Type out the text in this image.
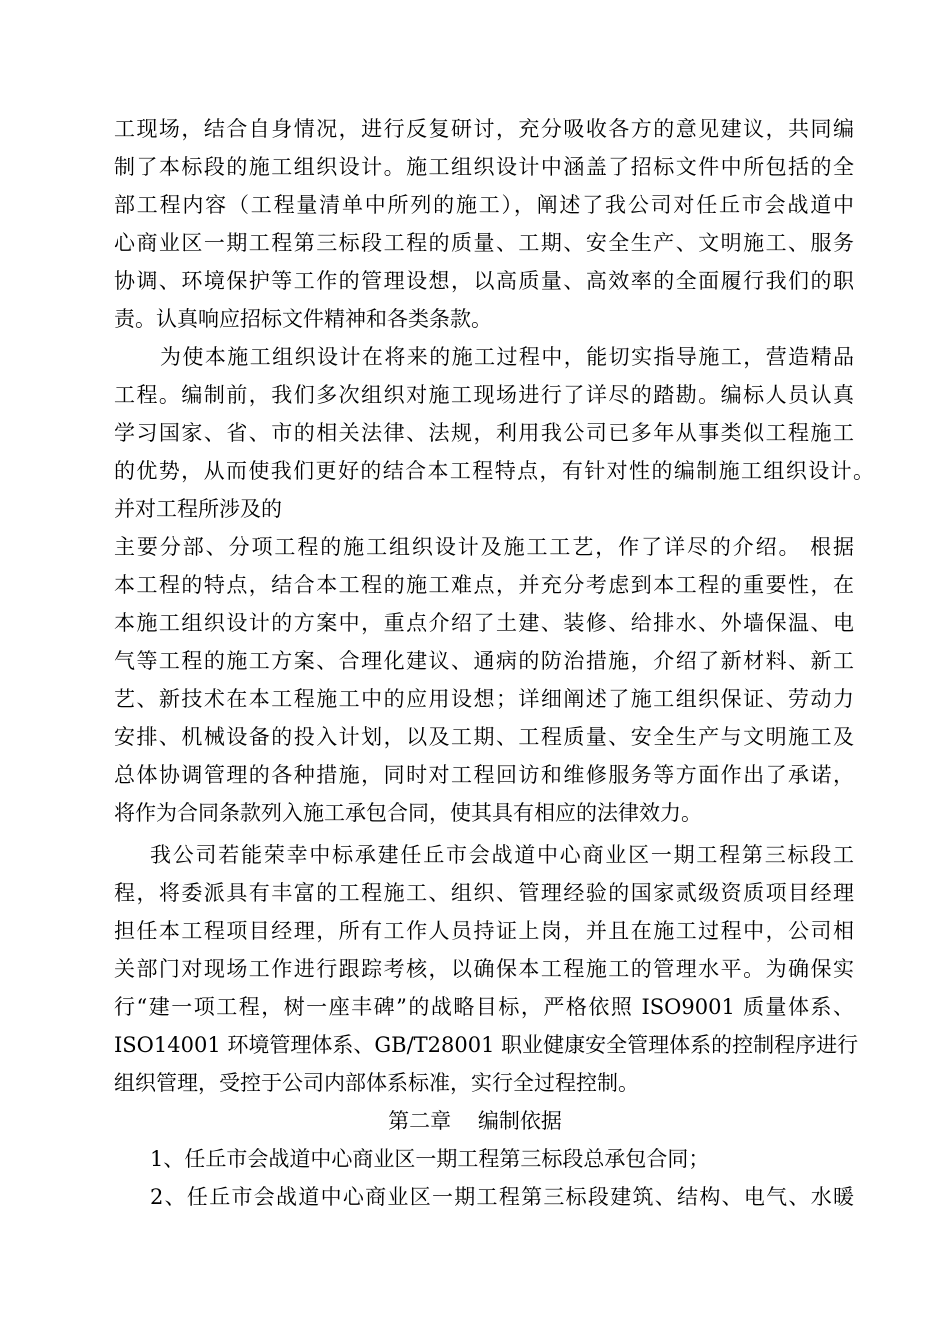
工现场，结合自身情况，进行反复研讨，充分吸收各方的意见建议，共同编
制了本标段的施工组织设计。施工组织设计中涵盖了招标文件中所包括的全
部工程内容（工程量清单中所列的施工），阐述了我公司对任丘市会战道中
心商业区一期工程第三标段工程的质量、工期、安全生产、文明施工、服务
协调、环境保护等工作的管理设想，以高质量、高效率的全面履行我们的职
责。认真响应招标文件精神和各类条款。
为使本施工组织设计在将来的施工过程中，能切实指导施工，营造精品
工程。编制前，我们多次组织对施工现场进行了详尽的踏勘。编标人员认真
学习国家、省、市的相关法律、法规，利用我公司已多年从事类似工程施工
的优势，从而使我们更好的结合本工程特点，有针对性的编制施工组织设计。
并对工程所涉及的
主要分部、分项工程的施工组织设计及施工工艺，作了详尽的介绍。 根据
本工程的特点，结合本工程的施工难点，并充分考虑到本工程的重要性，在
本施工组织设计的方案中，重点介绍了土建、装修、给排水、外墙保温、电
气等工程的施工方案、合理化建议、通病的防治措施，介绍了新材料、新工
艺、新技术在本工程施工中的应用设想；详细阐述了施工组织保证、劳动力
安排、机械设备的投入计划，以及工期、工程质量、安全生产与文明施工及
总体协调管理的各种措施，同时对工程回访和维修服务等方面作出了承诺，
将作为合同条款列入施工承包合同，使其具有相应的法律效力。
我公司若能荣幸中标承建任丘市会战道中心商业区一期工程第三标段工
程，将委派具有丰富的工程施工、组织、管理经验的国家贰级资质项目经理
担任本工程项目经理，所有工作人员持证上岗，并且在施工过程中，公司相
关部门对现场工作进行跟踪考核，以确保本工程施工的管理水平。为确保实
行“建一项工程，树一座丰碑”的战略目标，严格依照 ISO9001 质量体系、
ISO14001 环境管理体系、GB/T28001 职业健康安全管理体系的控制程序进行
组织管理，受控于公司内部体系标准，实行全过程控制。
第二章    编制依据
1、任丘市会战道中心商业区一期工程第三标段总承包合同；
2、任丘市会战道中心商业区一期工程第三标段建筑、结构、电气、水暖
